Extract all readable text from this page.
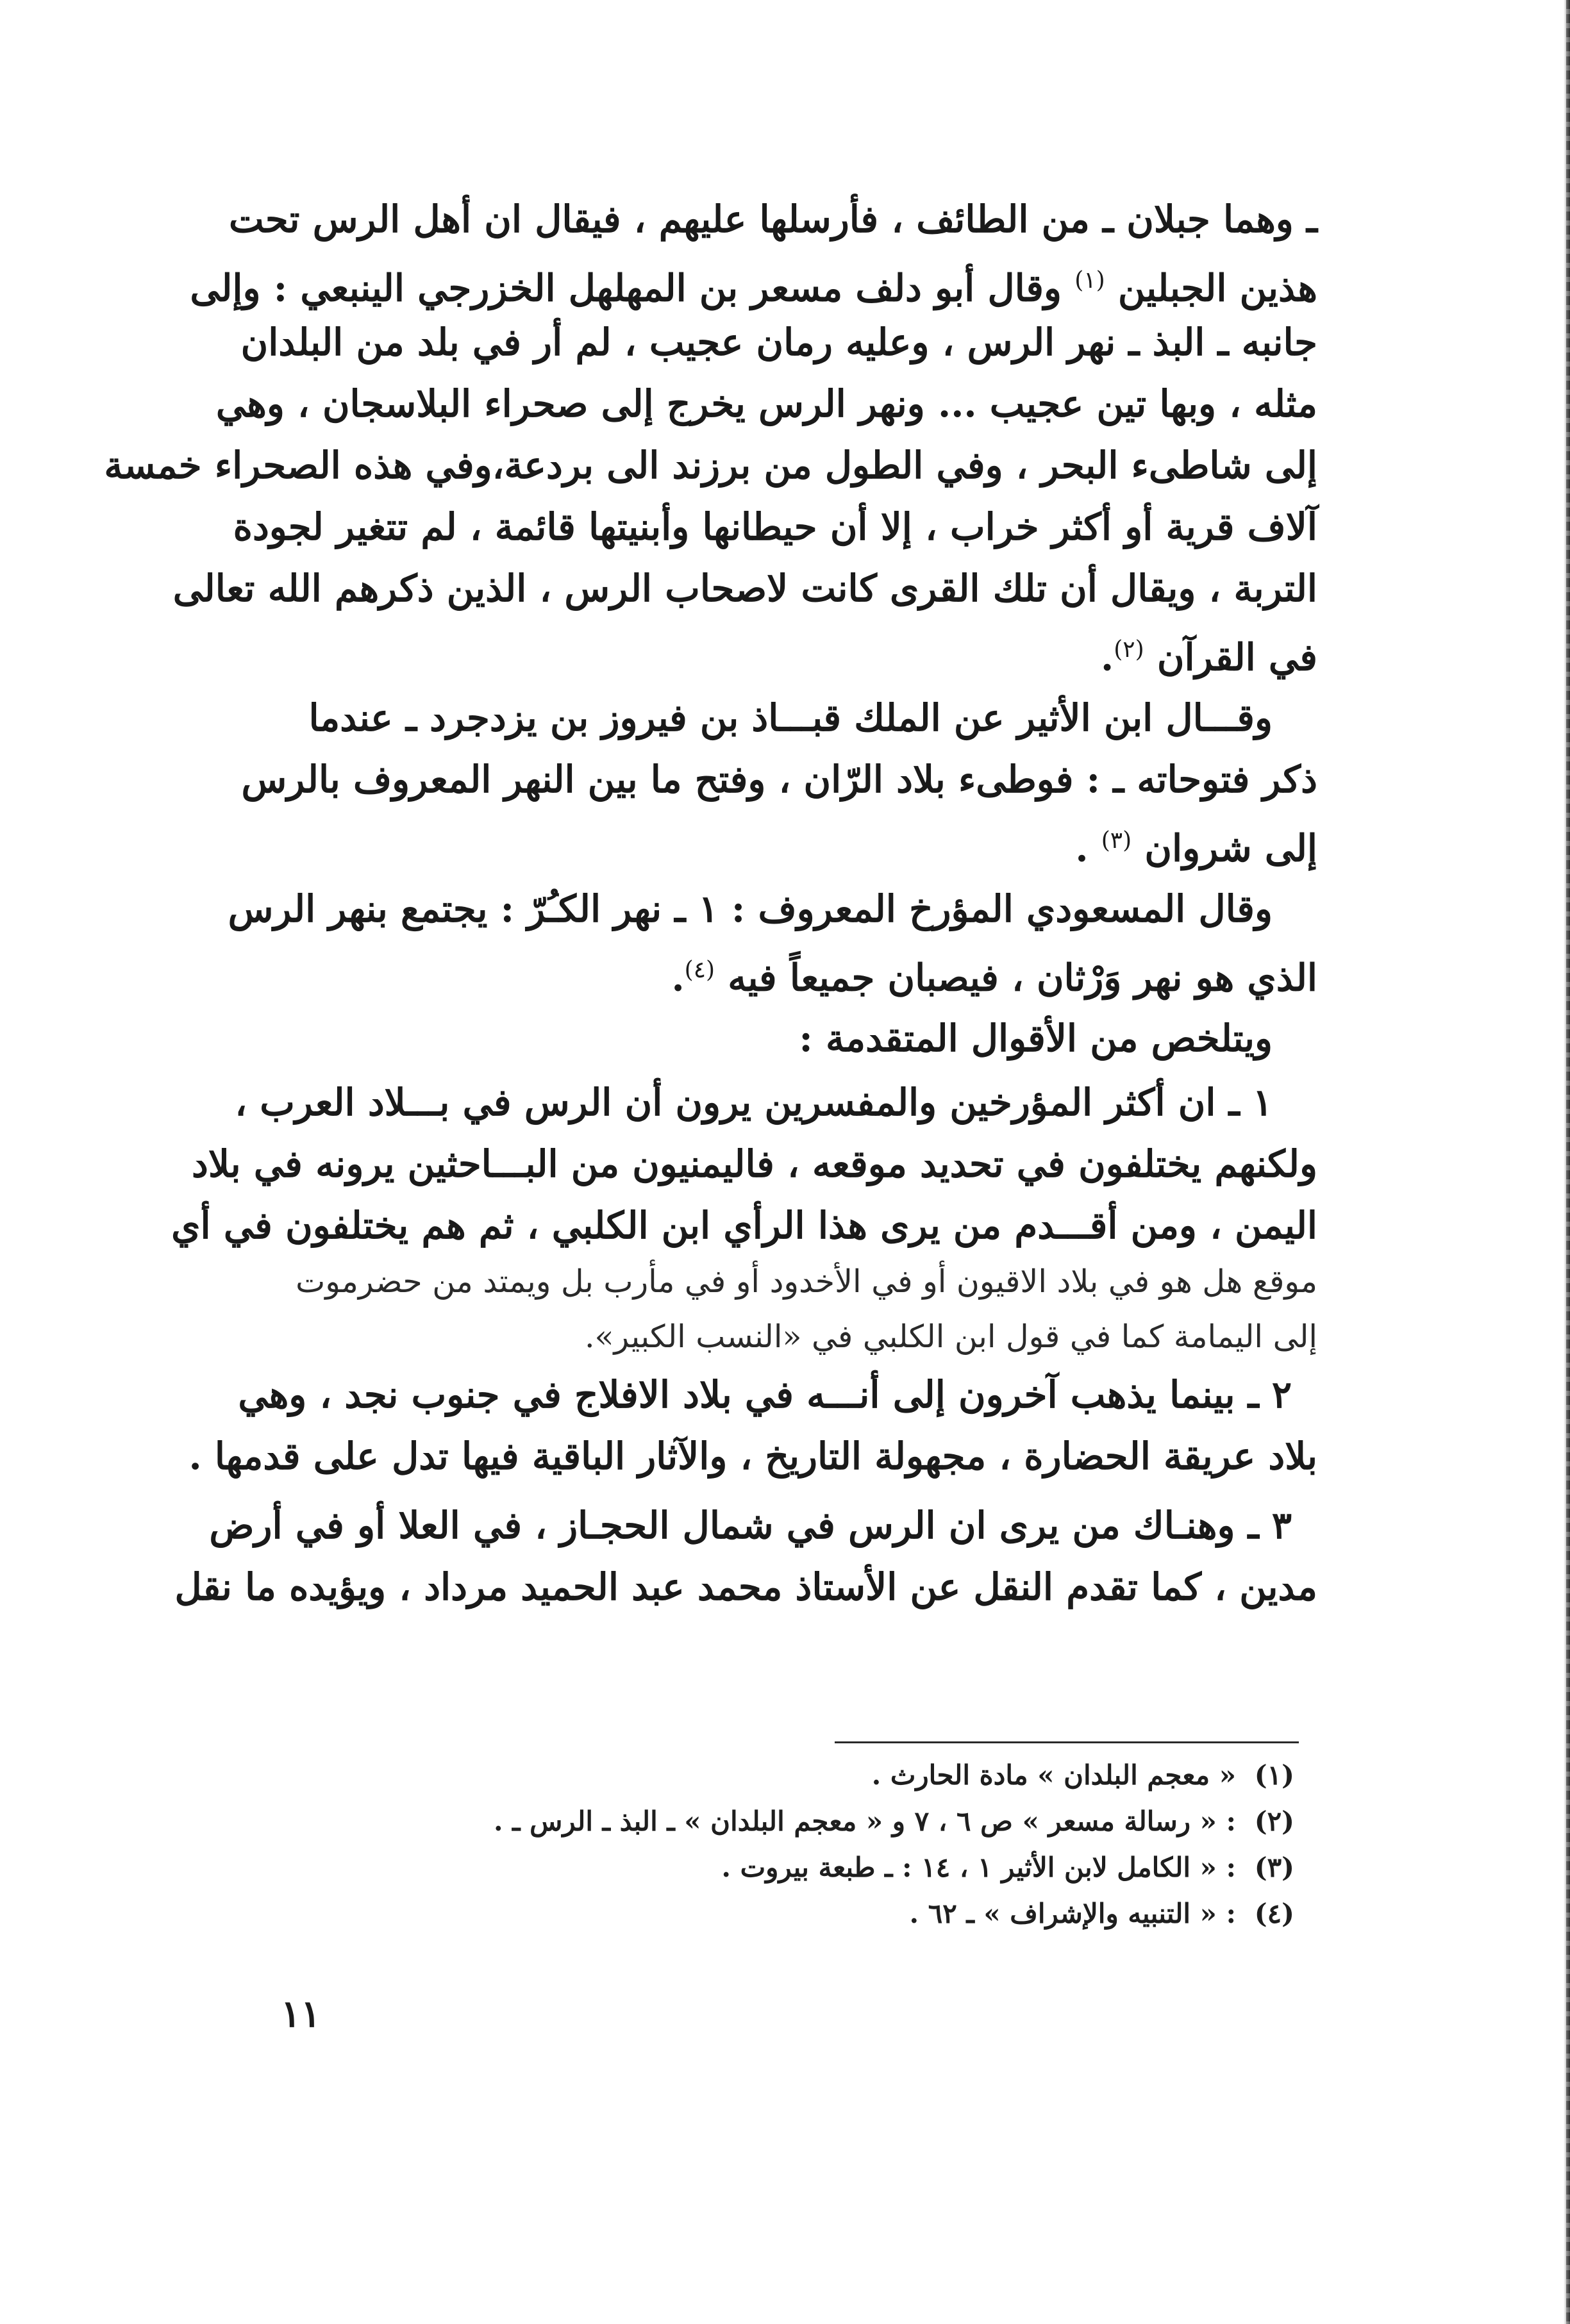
ـ وهما جبلان ـ من الطائف ، فأرسلها عليهم ، فيقال ان أهل الرس تحت
هذين الجبلين $^{(١)}$ وقال أبو دلف مسعر بن المهلهل الخزرجي الينبعي : وإلى
جانبه ـ البذ ـ نهر الرس ، وعليه رمان عجيب ، لم أر في بلد من البلدان
مثله ، وبها تين عجيب ... ونهر الرس يخرج إلى صحراء البلاسجان ، وهي
إلى شاطىء البحر ، وفي الطول من برزند الى بردعة،وفي هذه الصحراء خمسة
آلاف قرية أو أكثر خراب ، إلا أن حيطانها وأبنيتها قائمة ، لم تتغير لجودة
التربة ، ويقال أن تلك القرى كانت لاصحاب الرس ، الذين ذكرهم الله تعالى
في القرآن $^{(٢)}$.
وقـــال ابن الأثير عن الملك قبـــاذ بن فيروز بن يزدجرد ـ عندما
ذكر فتوحاته ـ : فوطىء بلاد الرّان ، وفتح ما بين النهر المعروف بالرس
إلى شروان $^{(٣)}$ .
وقال المسعودي المؤرخ المعروف : ١ ـ نهر الكـُرّ : يجتمع بنهر الرس
الذي هو نهر وَرْثان ، فيصبان جميعاً فيه $^{(٤)}$.
ويتلخص من الأقوال المتقدمة :
١ ـ ان أكثر المؤرخين والمفسرين يرون أن الرس في بـــلاد العرب ،
ولكنهم يختلفون في تحديد موقعه ، فاليمنيون من البـــاحثين يرونه في بلاد
اليمن ، ومن أقـــدم من يرى هذا الرأي ابن الكلبي ، ثم هم يختلفون في أي
موقع هل هو في بلاد الاقيون أو في الأخدود أو في مأرب بل ويمتد من حضرموت
إلى اليمامة كما في قول ابن الكلبي في «النسب الكبير».
٢ ـ بينما يذهب آخرون إلى أنـــه في بلاد الافلاج في جنوب نجد ، وهي
بلاد عريقة الحضارة ، مجهولة التاريخ ، والآثار الباقية فيها تدل على قدمها .
٣ ـ وهنـاك من يرى ان الرس في شمال الحجـاز ، في العلا أو في أرض
مدين ، كما تقدم النقل عن الأستاذ محمد عبد الحميد مرداد ، ويؤيده ما نقل
(١) « معجم البلدان » مادة الحارث .
(٢) : « رسالة مسعر » ص ٦ ، ٧ و « معجم البلدان » ـ البذ ـ الرس ـ .
(٣) : « الكامل لابن الأثير ١ ، ١٤ : ـ طبعة بيروت .
(٤) : « التنبيه والإشراف » ـ ٦٢ .
١١
